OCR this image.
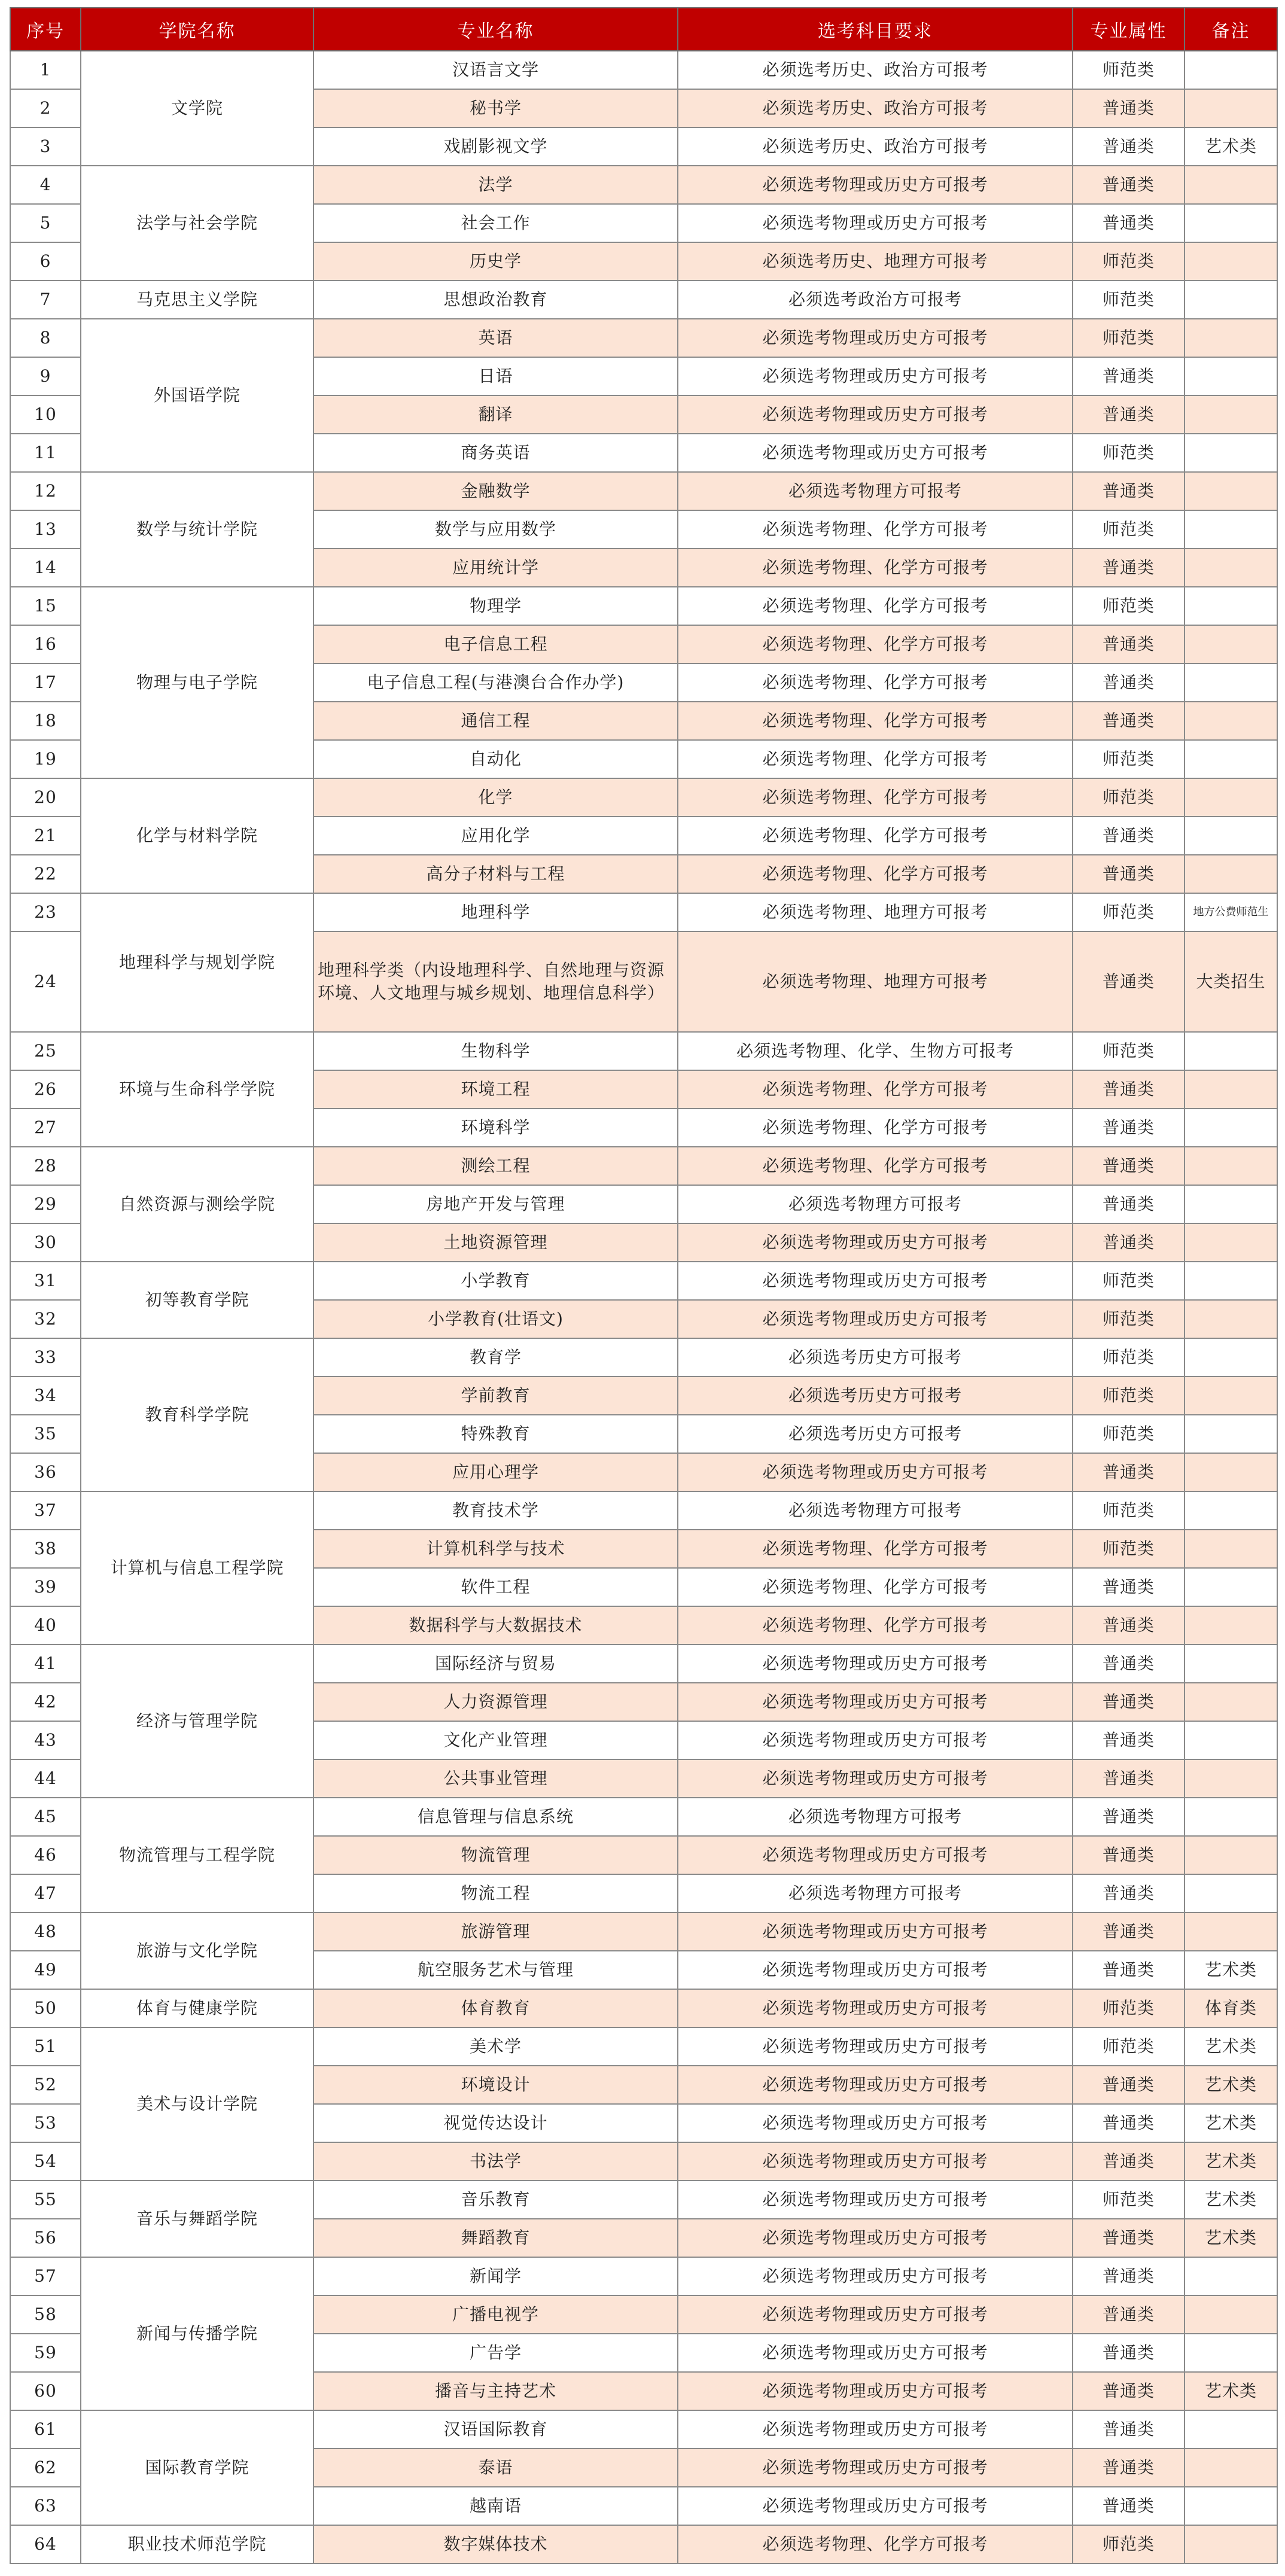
序号	学院名称	专业名称	选考科目要求	专业属性	备注
1	文学院	汉语言文学	必须选考历史、政治方可报考	师范类	
2		秘书学	必须选考历史、政治方可报考	普通类	
3		戏剧影视文学	必须选考历史、政治方可报考	普通类	艺术类
4	法学与社会学院	法学	必须选考物理或历史方可报考	普通类	
5		社会工作	必须选考物理或历史方可报考	普通类	
6		历史学	必须选考历史、地理方可报考	师范类	
7	马克思主义学院	思想政治教育	必须选考政治方可报考	师范类	
8	外国语学院	英语	必须选考物理或历史方可报考	师范类	
9		日语	必须选考物理或历史方可报考	普通类	
10		翻译	必须选考物理或历史方可报考	普通类	
11		商务英语	必须选考物理或历史方可报考	师范类	
12	数学与统计学院	金融数学	必须选考物理方可报考	普通类	
13		数学与应用数学	必须选考物理、化学方可报考	师范类	
14		应用统计学	必须选考物理、化学方可报考	普通类	
15	物理与电子学院	物理学	必须选考物理、化学方可报考	师范类	
16		电子信息工程	必须选考物理、化学方可报考	普通类	
17		电子信息工程(与港澳台合作办学)	必须选考物理、化学方可报考	普通类	
18		通信工程	必须选考物理、化学方可报考	普通类	
19		自动化	必须选考物理、化学方可报考	师范类	
20	化学与材料学院	化学	必须选考物理、化学方可报考	师范类	
21		应用化学	必须选考物理、化学方可报考	普通类	
22		高分子材料与工程	必须选考物理、化学方可报考	普通类	
23	地理科学与规划学院	地理科学	必须选考物理、地理方可报考	师范类	地方公费师范生
24		地理科学类（内设地理科学、自然地理与资源环境、人文地理与城乡规划、地理信息科学）	必须选考物理、地理方可报考	普通类	大类招生
25	环境与生命科学学院	生物科学	必须选考物理、化学、生物方可报考	师范类	
26		环境工程	必须选考物理、化学方可报考	普通类	
27		环境科学	必须选考物理、化学方可报考	普通类	
28	自然资源与测绘学院	测绘工程	必须选考物理、化学方可报考	普通类	
29		房地产开发与管理	必须选考物理方可报考	普通类	
30		土地资源管理	必须选考物理或历史方可报考	普通类	
31	初等教育学院	小学教育	必须选考物理或历史方可报考	师范类	
32		小学教育(壮语文)	必须选考物理或历史方可报考	师范类	
33	教育科学学院	教育学	必须选考历史方可报考	师范类	
34		学前教育	必须选考历史方可报考	师范类	
35		特殊教育	必须选考历史方可报考	师范类	
36		应用心理学	必须选考物理或历史方可报考	普通类	
37	计算机与信息工程学院	教育技术学	必须选考物理方可报考	师范类	
38		计算机科学与技术	必须选考物理、化学方可报考	师范类	
39		软件工程	必须选考物理、化学方可报考	普通类	
40		数据科学与大数据技术	必须选考物理、化学方可报考	普通类	
41	经济与管理学院	国际经济与贸易	必须选考物理或历史方可报考	普通类	
42		人力资源管理	必须选考物理或历史方可报考	普通类	
43		文化产业管理	必须选考物理或历史方可报考	普通类	
44		公共事业管理	必须选考物理或历史方可报考	普通类	
45	物流管理与工程学院	信息管理与信息系统	必须选考物理方可报考	普通类	
46		物流管理	必须选考物理或历史方可报考	普通类	
47		物流工程	必须选考物理方可报考	普通类	
48	旅游与文化学院	旅游管理	必须选考物理或历史方可报考	普通类	
49		航空服务艺术与管理	必须选考物理或历史方可报考	普通类	艺术类
50	体育与健康学院	体育教育	必须选考物理或历史方可报考	师范类	体育类
51	美术与设计学院	美术学	必须选考物理或历史方可报考	师范类	艺术类
52		环境设计	必须选考物理或历史方可报考	普通类	艺术类
53		视觉传达设计	必须选考物理或历史方可报考	普通类	艺术类
54		书法学	必须选考物理或历史方可报考	普通类	艺术类
55	音乐与舞蹈学院	音乐教育	必须选考物理或历史方可报考	师范类	艺术类
56		舞蹈教育	必须选考物理或历史方可报考	普通类	艺术类
57	新闻与传播学院	新闻学	必须选考物理或历史方可报考	普通类	
58		广播电视学	必须选考物理或历史方可报考	普通类	
59		广告学	必须选考物理或历史方可报考	普通类	
60		播音与主持艺术	必须选考物理或历史方可报考	普通类	艺术类
61	国际教育学院	汉语国际教育	必须选考物理或历史方可报考	普通类	
62		泰语	必须选考物理或历史方可报考	普通类	
63		越南语	必须选考物理或历史方可报考	普通类	
64	职业技术师范学院	数字媒体技术	必须选考物理、化学方可报考	师范类	
